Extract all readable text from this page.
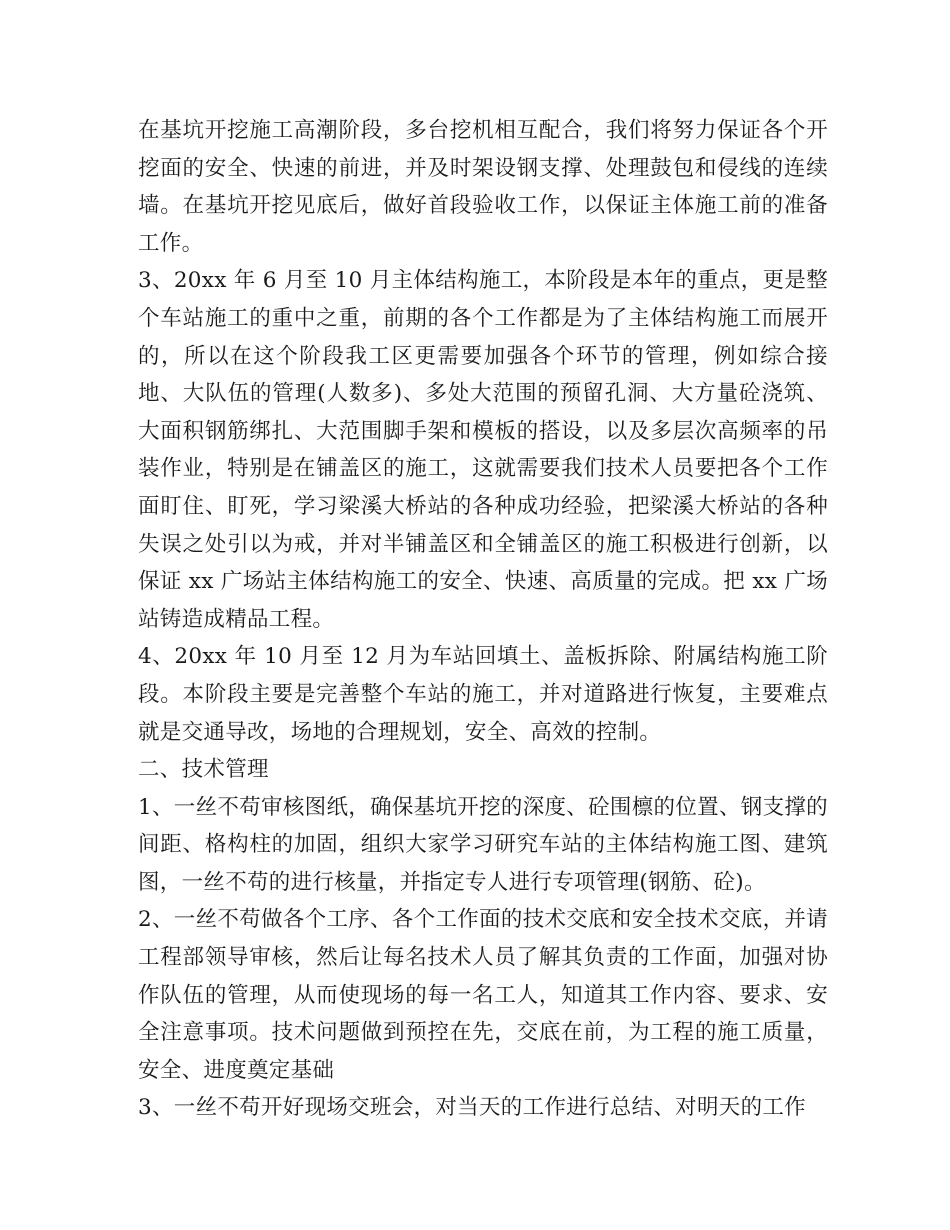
在基坑开挖施工高潮阶段，多台挖机相互配合，我们将努力保证各个开挖面的安全、快速的前进，并及时架设钢支撑、处理鼓包和侵线的连续墙。在基坑开挖见底后，做好首段验收工作，以保证主体施工前的准备工作。

3、20xx 年 6 月至 10 月主体结构施工，本阶段是本年的重点，更是整个车站施工的重中之重，前期的各个工作都是为了主体结构施工而展开的，所以在这个阶段我工区更需要加强各个环节的管理，例如综合接地、大队伍的管理(人数多)、多处大范围的预留孔洞、大方量砼浇筑、大面积钢筋绑扎、大范围脚手架和模板的搭设，以及多层次高频率的吊装作业，特别是在铺盖区的施工，这就需要我们技术人员要把各个工作面盯住、盯死，学习梁溪大桥站的各种成功经验，把梁溪大桥站的各种失误之处引以为戒，并对半铺盖区和全铺盖区的施工积极进行创新，以保证 xx 广场站主体结构施工的安全、快速、高质量的完成。把 xx 广场站铸造成精品工程。

4、20xx 年 10 月至 12 月为车站回填土、盖板拆除、附属结构施工阶段。本阶段主要是完善整个车站的施工，并对道路进行恢复，主要难点就是交通导改，场地的合理规划，安全、高效的控制。

二、技术管理

1、一丝不苟审核图纸，确保基坑开挖的深度、砼围檩的位置、钢支撑的间距、格构柱的加固，组织大家学习研究车站的主体结构施工图、建筑图，一丝不苟的进行核量，并指定专人进行专项管理(钢筋、砼)。

2、一丝不苟做各个工序、各个工作面的技术交底和安全技术交底，并请工程部领导审核，然后让每名技术人员了解其负责的工作面，加强对协作队伍的管理，从而使现场的每一名工人，知道其工作内容、要求、安全注意事项。技术问题做到预控在先，交底在前，为工程的施工质量，安全、进度奠定基础

3、一丝不苟开好现场交班会，对当天的工作进行总结、对明天的工作
